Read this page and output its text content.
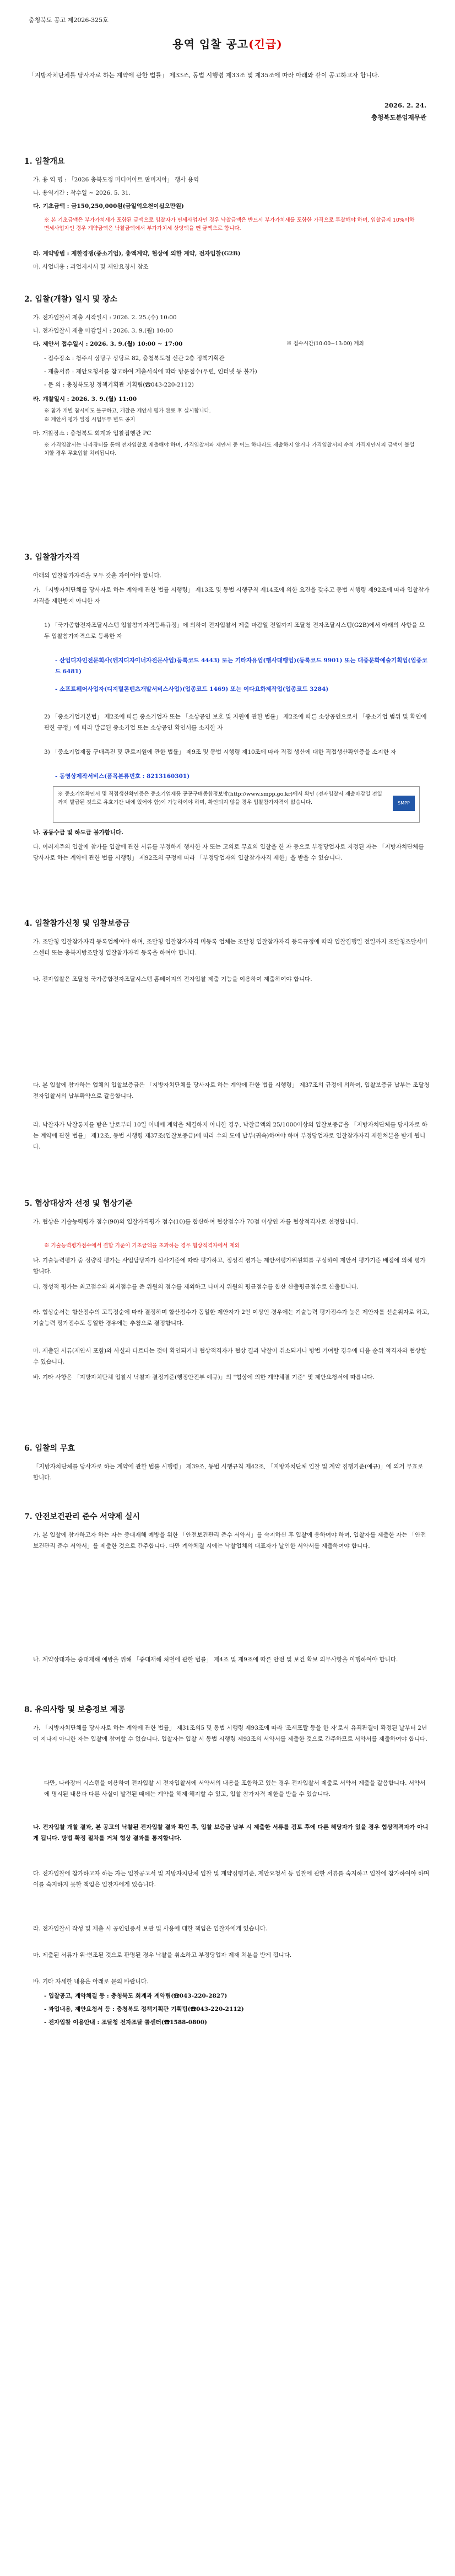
충청북도 공고 제2026-325호
용역 입찰 공고(긴급)
「지방자치단체를 당사자로 하는 계약에 관한 법률」 제33조, 동법 시행령 제33조 및 제35조에 따라 아래와 같이 공고하고자 합니다.
2026. 2. 24.
충청북도분임재무관
1. 입찰개요
가. 용 역 명 : 「2026 충북도정 미디어아트 판미지아」 행사 용역
나. 용역기간 : 착수일 ~ 2026. 5. 31.
다. 기초금액 : 금150,250,000원(금일억오천이십오만원)
※ 본 기초금액은 부가가치세가 포함된 금액으로 입찰자가 면세사업자인 경우 낙찰금액은 반드시 부가가치세를 포함한 가격으로 투찰해야 하며, 입찰금의 10%이하 면세사업자인 경우 계약금액은 낙찰금액에서 부가가치세 상당액을 뺀 금액으로 합니다.
라. 계약방법 : 제한경쟁(중소기업), 총액계약, 협상에 의한 계약, 전자입찰(G2B)
마. 사업내용 : 과업지시서 및 제안요청서 참조
2. 입찰(개찰) 일시 및 장소
가. 전자입찰서 제출 시작일시 : 2026. 2. 25.(수) 10:00
나. 전자입찰서 제출 마감일시 : 2026. 3. 9.(월) 10:00
다. 제안서 접수일시 : 2026. 3. 9.(월) 10:00 ~ 17:00	※ 접수시간(10:00~13:00) 제외
- 접수장소 : 청주시 상당구 상당로 82, 충청북도청 신관 2층 정책기획관
- 제출서류 : 제안요청서를 참고하여 제출서식에 따라 방문접수(우편, 인터넷 등 불가)
- 문 의 : 충청북도청 정책기획관 기획팀(☎043-220-2112)
라. 개찰일시 : 2026. 3. 9.(월) 11:00
※ 참가 개별 참시에도 불구하고, 개찰은 제안서 평가 완료 후 실시합니다.
※ 제안서 평가 일정 시업무부 별도 공지
마. 개찰장소 : 충청북도 회계과 입찰집행관 PC
※ 가격입찰서는 나라장터를 통해 전자입찰로 제출해야 하며, 가격입찰서와 제안서 중 어느 하나라도 제출하지 않거나 가격입찰서의 수치 가격제안서의 금액이 불일치할 경우 무효입찰 처리됩니다.
3. 입찰참가자격
아래의 입찰참가자격을 모두 갖춘 자이어야 합니다.
가. 「지방자치단체를 당사자로 하는 계약에 관한 법률 시행령」 제13조 및 동법 시행규칙 제14조에 의한 요건을 갖추고 동법 시행령 제92조에 따라 입찰참가자격을 제한받지 아니한 자
1) 「국가종합전자조달시스템 입찰참가자격등록규정」에 의하여 전자입찰서 제출 마감일 전일까지 조달청 전자조달시스템(G2B)에서 아래의 사항을 모두 입찰참가자격으로 등록한 자
- 산업디자인전문회사(엔지디자이너자전문사업)등록코드 4443) 또는 기타자유업(행사대행업)(등록코드 9901) 또는 대중문화예술기획업(업종코드 6481)
- 소프트웨어사업자(디지털콘텐츠개발서비스사업)(업종코드 1469) 또는 이다요화제작업(업종코드 3284)
2) 「중소기업기본법」 제2조에 따른 중소기업자 또는 「소상공인 보호 및 지원에 관한 법률」 제2조에 따른 소상공인으로서 「중소기업 범위 및 확인에 관한 규정」에 따라 발급된 중소기업 또는 소상공인 확인서를 소지한 자
3) 「중소기업제품 구매촉진 및 판로지원에 관한 법률」 제9조 및 동법 시행령 제10조에 따라 직접 생산에 대한 직접생산확인증을 소지한 자
- 동영상제작서비스(품목분류번호 : 8213160301)
※ 중소기업확인서 및 직접생산확인증은 중소기업제품 공공구매종합정보망(http://www.smpp.go.kr)에서 확인 (전자입찰서 제출마감일 전일까지 발급된 것으로 유효기간 내에 있어야 함)이 가능하여야 하며, 확인되지 않을 경우 입찰참가자격이 없습니다.	SMPP
나. 공동수급 및 하도급 불가합니다.
다. 이러지주의 입찰에 참가를 입찰에 관한 서류를 부정하게 행사한 자 또는 고의로 무효의 입찰을 한 자 등으로 부정당업자로 지정된 자는 「지방자치단체를 당사자로 하는 계약에 관한 법률 시행령」 제92조의 규정에 따라 「부정당업자의 입찰참가자격 제한」을 받을 수 있습니다.
4. 입찰참가신청 및 입찰보증금
가. 조달청 입찰참가자격 등록업체여야 하며, 조달청 입찰참가자격 미등록 업체는 조달청 입찰참가자격 등록규정에 따라 입찰집행일 전일까지 조달청조달서비스센터 또는 충북지방조달청 입찰참가자격 등록을 하여야 합니다.
나. 전자입찰은 조달청 국가종합전자조달시스템 홈페이지의 전자입찰 제출 기능을 이용하여 제출하여야 합니다.
다. 본 입찰에 참가하는 업체의 입찰보증금은 「지방자치단체를 당사자로 하는 계약에 관한 법률 시행령」 제37조의 규정에 의하여, 입찰보증금 납부는 조달청 전자입찰서의 납부확약으로 갈음합니다.
라. 낙찰자가 낙찰통지를 받은 날로부터 10일 이내에 계약을 체결하지 아니한 경우, 낙찰금액의 25/1000이상의 입찰보증금을 「지방자치단체를 당사자로 하는 계약에 관한 법률」 제12조, 동법 시행령 제37조(입찰보증금)에 따라 수의 도에 납부(귀속)하여야 하며 부정당업자로 입찰참가자격 제한처분을 받게 됩니다.
5. 협상대상자 선정 및 협상기준
가. 협상은 기술능력평가 점수(90)와 입찰가격평가 점수(10)를 합산하여 협상점수가 70점 이상인 자를 협상적격자로 선정합니다.
※ 기술능력평가점수에서 결합 기준이 기초금액을 초과하는 경우 협상적격자에서 제외
나. 기술능력평가 중 정량적 평가는 사업담당자가 심사기준에 따라 평가하고, 정성적 평가는 제안서평가위원회를 구성하여 제안서 평가기준 배점에 의해 평가합니다.
다. 정성적 평가는 최고점수와 최저점수를 준 위원의 점수를 제외하고 나머지 위원의 평균점수를 합산 산출평균점수로 산출합니다.
라. 협상순서는 합산점수의 고득점순에 따라 결정하며 합산점수가 동일한 제안자가 2인 이상인 경우에는 기술능력 평가점수가 높은 제안자를 선순위자로 하고, 기술능력 평가점수도 동일한 경우에는 추첨으로 결정합니다.
마. 제출된 서류(제안서 포함)와 사실과 다르다는 것이 확인되거나 협상적격자가 협상 결과 낙찰이 취소되거나 방법 기여할 경우에 다음 순위 적격자와 협상할 수 있습니다.
바. 기타 사항은 「지방자치단체 입찰시 낙찰자 결정기준(행정안전부 예규)」의 "협상에 의한 계약체결 기준" 및 제안요청서에 따릅니다.
6. 입찰의 무효
「지방자치단체를 당사자로 하는 계약에 관한 법률 시행령」 제39조, 동법 시행규칙 제42조, 「지방자치단체 입찰 및 계약 집행기준(예규)」에 의거 무효로 합니다.
7. 안전보건관리 준수 서약제 실시
가. 본 입찰에 참가하고자 하는 자는 중대재해 예방을 위한 「안전보건관리 준수 서약서」를 숙지하신 후 입찰에 응하여야 하며, 입찰자를 제출한 자는 「안전보건관리 준수 서약서」를 제출한 것으로 간주합니다. 다만 계약체결 시에는 낙찰업체의 대표자가 날인한 서약서를 제출하여야 합니다.
나. 계약상대자는 중대재해 예방을 위해 「중대재해 처벌에 관한 법률」 제4조 및 제9조에 따른 안전 및 보건 확보 의무사항을 이행하여야 합니다.
8. 유의사항 및 보충정보 제공
가. 「지방자치단체를 당사자로 하는 계약에 관한 법률」 제31조의5 및 동법 시행령 제93조에 따라 '조세포탈 등을 한 자'로서 유죄판결이 확정된 날부터 2년이 지나지 아니한 자는 입찰에 참여할 수 없습니다. 입찰자는 입찰 시 동법 시행령 제93조의 서약서를 제출한 것으로 간주하므로 서약서를 제출하여야 합니다.
다만, 나라장터 시스템을 이용하여 전자입찰 시 전자입찰서에 서약서의 내용을 포함하고 있는 경우 전자입찰서 제출로 서약서 제출을 갈음합니다. 서약서에 명시된 내용과 다른 사실이 발견된 때에는 계약을 해제·해지할 수 있고, 입찰 참가자격 제한을 받을 수 있습니다.
나. 전자입찰 개찰 결과, 본 공고의 낙찰된 전자입찰 결과 확인 후, 입찰 보증금 납부 시 제출한 서류를 검토 후에 다른 해당자가 있을 경우 협상적격자가 아니게 됩니다. 방법 확정 절차를 거쳐 협상 결과를 통지합니다.
다. 전자입찰에 참가하고자 하는 자는 입찰공고서 및 지방자치단체 입찰 및 계약집행기준, 제안요청서 등 입찰에 관한 서류를 숙지하고 입찰에 참가하여야 하며 이를 숙지하지 못한 책임은 입찰자에게 있습니다.
라. 전자입찰서 작성 및 제출 시 공인인증서 보관 및 사용에 대한 책임은 입찰자에게 있습니다.
마. 제출된 서류가 위·변조된 것으로 판명된 경우 낙찰을 취소하고 부정당업자 제재 처분을 받게 됩니다.
바. 기타 자세한 내용은 아래로 문의 바랍니다.
- 입찰공고, 계약체결 등 : 충청북도 회계과 계약팀(☎043-220-2827)
- 과업내용, 제안요청서 등 : 충청북도 정책기획관 기획팀(☎043-220-2112)
- 전자입찰 이용안내 : 조달청 전자조달 콜센터(☎1588-0800)
